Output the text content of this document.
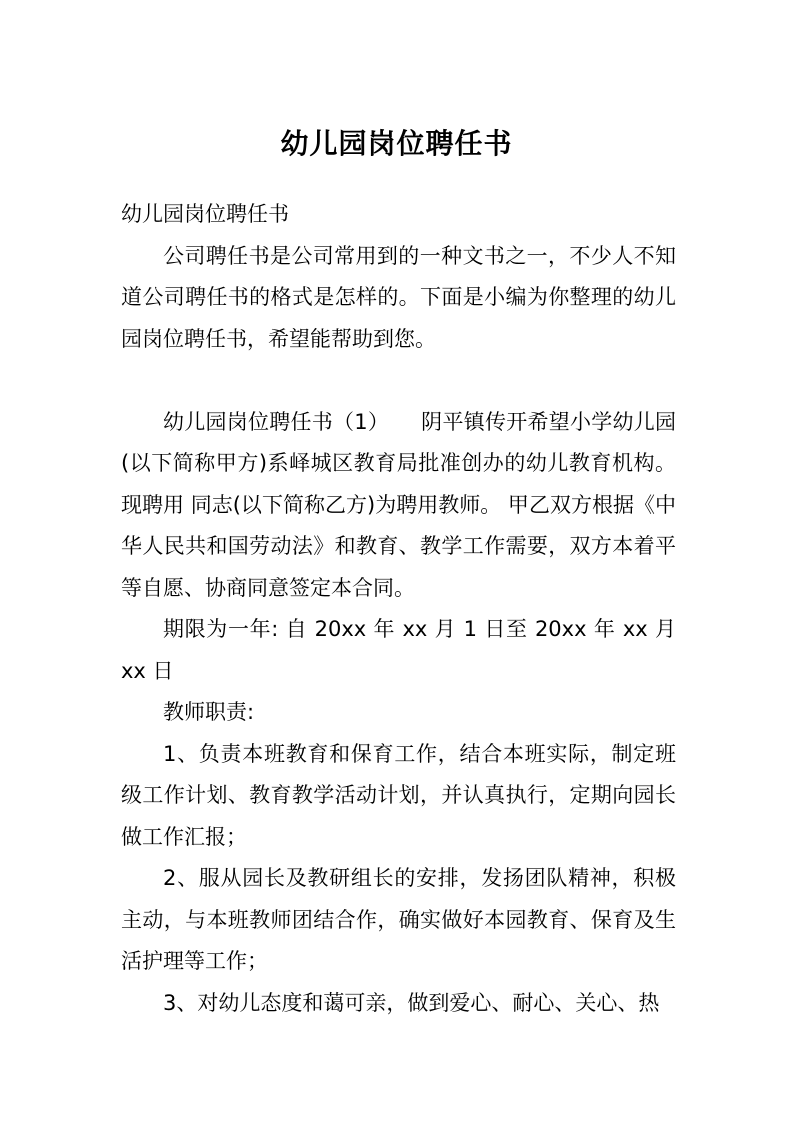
幼儿园岗位聘任书

幼儿园岗位聘任书

公司聘任书是公司常用到的一种文书之一，不少人不知道公司聘任书的格式是怎样的。下面是小编为你整理的幼儿园岗位聘任书，希望能帮助到您。

幼儿园岗位聘任书（1）　　阴平镇传开希望小学幼儿园(以下简称甲方)系峄城区教育局批准创办的幼儿教育机构。现聘用 同志(以下简称乙方)为聘用教师。 甲乙双方根据《中华人民共和国劳动法》和教育、教学工作需要，双方本着平等自愿、协商同意签定本合同。

期限为一年: 自 20xx 年 xx 月 1 日至 20xx 年 xx 月 xx 日

教师职责:

1、负责本班教育和保育工作，结合本班实际，制定班级工作计划、教育教学活动计划，并认真执行，定期向园长做工作汇报；

2、服从园长及教研组长的安排，发扬团队精神，积极主动，与本班教师团结合作，确实做好本园教育、保育及生活护理等工作；

3、对幼儿态度和蔼可亲，做到爱心、耐心、关心、热
